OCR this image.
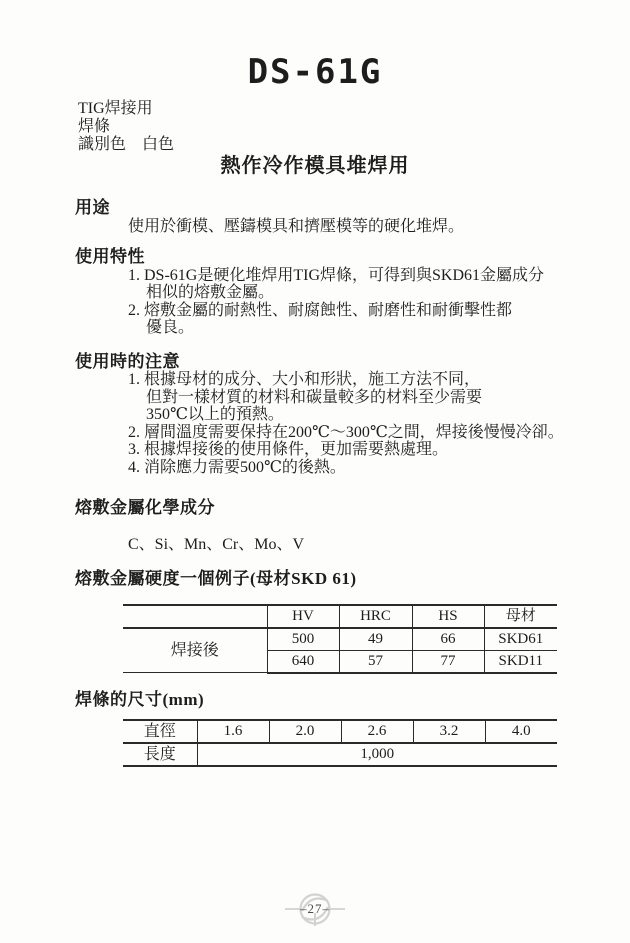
DS-61G
TIG焊接用
焊條
識別色　白色
熱作冷作模具堆焊用
用途
使用於衝模、壓鑄模具和擠壓模等的硬化堆焊。
使用特性
1. DS-61G是硬化堆焊用TIG焊條，可得到與SKD61金屬成分
相似的熔敷金屬。
2. 熔敷金屬的耐熱性、耐腐蝕性、耐磨性和耐衝擊性都
優良。
使用時的注意
1. 根據母材的成分、大小和形狀，施工方法不同，
但對一樣材質的材料和碳量較多的材料至少需要
350℃以上的預熱。
2. 層間溫度需要保持在200℃～300℃之間，焊接後慢慢冷卻。
3. 根據焊接後的使用條件，更加需要熱處理。
4. 消除應力需要500℃的後熱。
熔敷金屬化學成分
C、Si、Mn、Cr、Mo、V
熔敷金屬硬度一個例子(母材SKD 61)
	HV	HRC	HS	母材
焊接後	500	49	66	SKD61
	640	57	77	SKD11
焊條的尺寸(mm)
直徑	1.6	2.0	2.6	3.2	4.0
長度	1,000				
– 27 –
